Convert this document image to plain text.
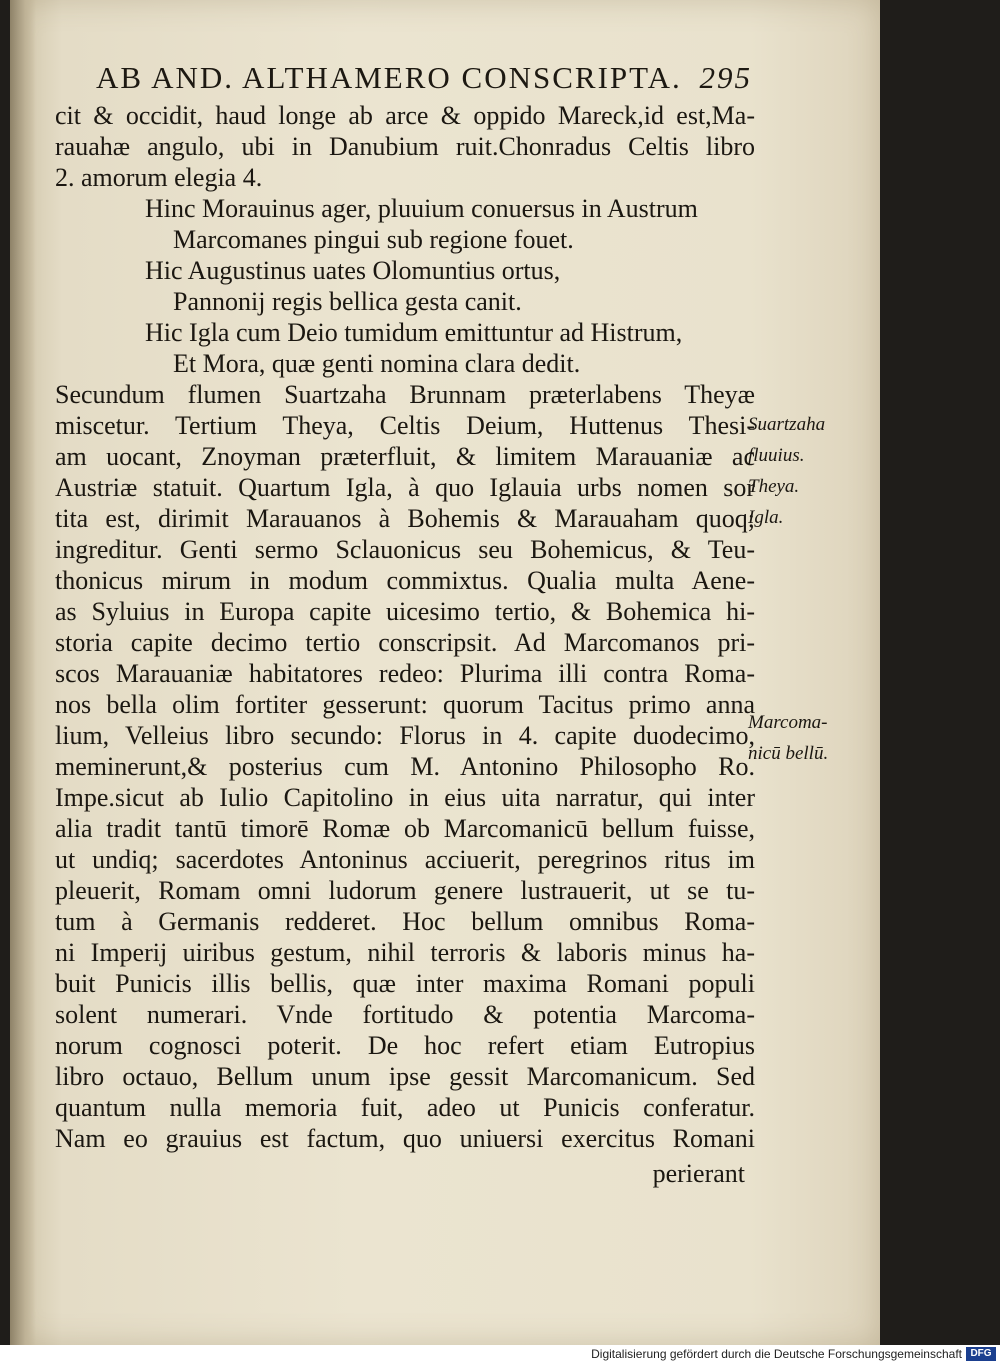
AB AND. ALTHAMERO CONSCRIPTA. 295
cit & occidit, haud longe ab arce & oppido Mareck,id est,Ma-
rauahæ angulo, ubi in Danubium ruit.Chonradus Celtis libro
2. amorum elegia 4.
Hinc Morauinus ager, pluuium conuersus in Austrum
Marcomanes pingui sub regione fouet.
Hic Augustinus uates Olomuntius ortus,
Pannonij regis bellica gesta canit.
Hic Igla cum Deio tumidum emittuntur ad Histrum,
Et Mora, quæ genti nomina clara dedit.
Secundum flumen Suartzaha Brunnam præterlabens Theyæ
miscetur. Tertium Theya, Celtis Deium, Huttenus Thesi-
am uocant, Znoyman præterfluit, & limitem Marauaniæ ac
Austriæ statuit. Quartum Igla, à quo Iglauia urbs nomen sor
tita est, dirimit Marauanos à Bohemis & Marauaham quoq;
ingreditur. Genti sermo Sclauonicus seu Bohemicus, & Teu-
thonicus mirum in modum commixtus. Qualia multa Aene-
as Syluius in Europa capite uicesimo tertio, & Bohemica hi-
storia capite decimo tertio conscripsit. Ad Marcomanos pri-
scos Marauaniæ habitatores redeo: Plurima illi contra Roma-
nos bella olim fortiter gesserunt: quorum Tacitus primo anna
lium, Velleius libro secundo: Florus in 4. capite duodecimo,
meminerunt,& posterius cum M. Antonino Philosopho Ro.
Impe.sicut ab Iulio Capitolino in eius uita narratur, qui inter
alia tradit tantū timorē Romæ ob Marcomanicū bellum fuisse,
ut undiq; sacerdotes Antoninus acciuerit, peregrinos ritus im
pleuerit, Romam omni ludorum genere lustrauerit, ut se tu-
tum à Germanis redderet. Hoc bellum omnibus Roma-
ni Imperij uiribus gestum, nihil terroris & laboris minus ha-
buit Punicis illis bellis, quæ inter maxima Romani populi
solent numerari. Vnde fortitudo & potentia Marcoma-
norum cognosci poterit. De hoc refert etiam Eutropius
libro octauo, Bellum unum ipse gessit Marcomanicum. Sed
quantum nulla memoria fuit, adeo ut Punicis conferatur.
Nam eo grauius est factum, quo uniuersi exercitus Romani
perierant
Suartzaha
fluuius.
Theya.
Igla.
Marcoma-
nicū bellū.
Digitalisierung gefördert durch die Deutsche Forschungsgemeinschaft DFG
